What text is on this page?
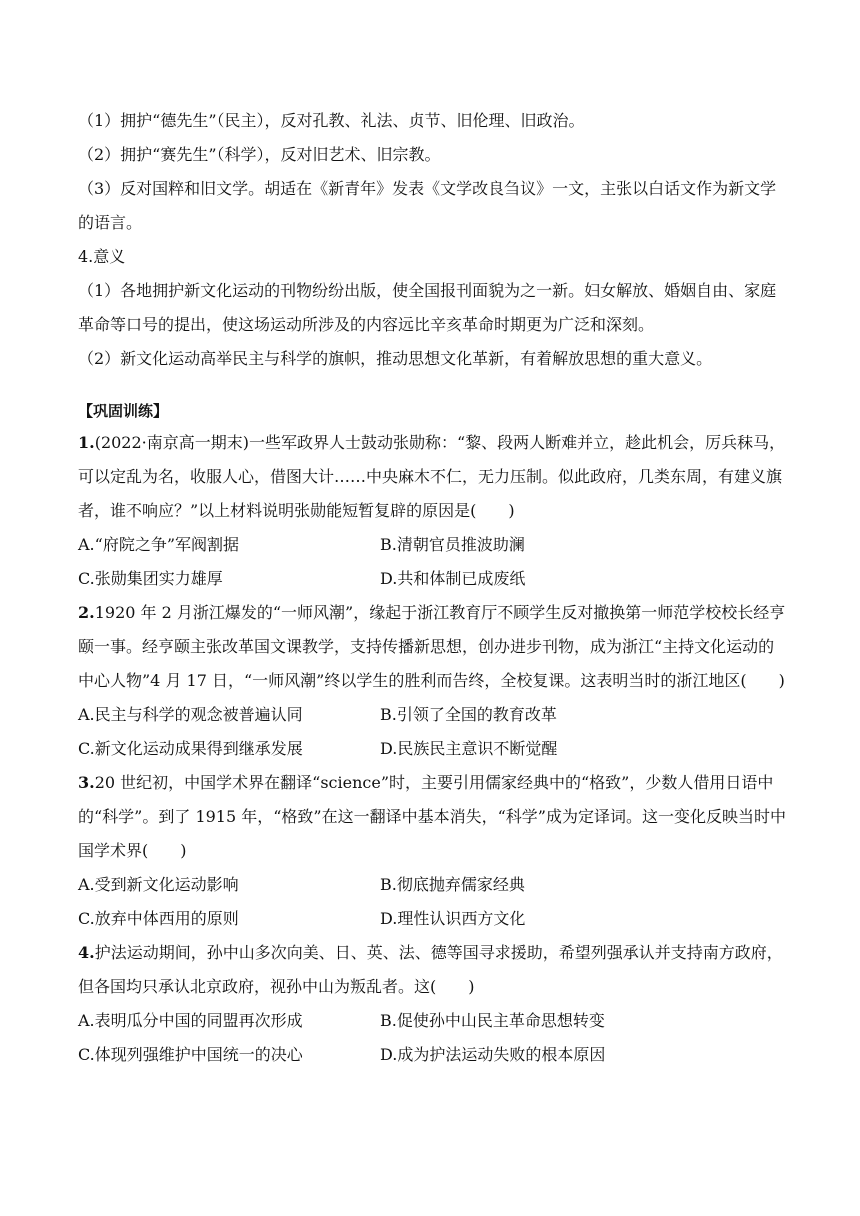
（1）拥护“德先生”（民主），反对孔教、礼法、贞节、旧伦理、旧政治。

（2）拥护“赛先生”（科学），反对旧艺术、旧宗教。

（3）反对国粹和旧文学。胡适在《新青年》发表《文学改良刍议》一文，主张以白话文作为新文学的语言。

4.意义

（1）各地拥护新文化运动的刊物纷纷出版，使全国报刊面貌为之一新。妇女解放、婚姻自由、家庭革命等口号的提出，使这场运动所涉及的内容远比辛亥革命时期更为广泛和深刻。

（2）新文化运动高举民主与科学的旗帜，推动思想文化革新，有着解放思想的重大意义。

【巩固训练】

1.(2022·南京高一期末)一些军政界人士鼓动张勋称：“黎、段两人断难并立，趁此机会，厉兵秣马，可以定乱为名，收服人心，借图大计……中央麻木不仁，无力压制。似此政府，几类东周，有建义旗者，谁不响应？”以上材料说明张勋能短暂复辟的原因是(　　)

A.“府院之争”军阀割据	B.清朝官员推波助澜

C.张勋集团实力雄厚	D.共和体制已成废纸

2.1920 年 2 月浙江爆发的“一师风潮”，缘起于浙江教育厅不顾学生反对撤换第一师范学校校长经亨颐一事。经亨颐主张改革国文课教学，支持传播新思想，创办进步刊物，成为浙江“主持文化运动的中心人物”4 月 17 日，“一师风潮”终以学生的胜利而告终，全校复课。这表明当时的浙江地区(　　)

A.民主与科学的观念被普遍认同	B.引领了全国的教育改革

C.新文化运动成果得到继承发展	D.民族民主意识不断觉醒

3.20 世纪初，中国学术界在翻译“science”时，主要引用儒家经典中的“格致”，少数人借用日语中的“科学”。到了 1915 年，“格致”在这一翻译中基本消失，“科学”成为定译词。这一变化反映当时中国学术界(　　)

A.受到新文化运动影响	B.彻底抛弃儒家经典

C.放弃中体西用的原则	D.理性认识西方文化

4.护法运动期间，孙中山多次向美、日、英、法、德等国寻求援助，希望列强承认并支持南方政府，但各国均只承认北京政府，视孙中山为叛乱者。这(　　)

A.表明瓜分中国的同盟再次形成	B.促使孙中山民主革命思想转变

C.体现列强维护中国统一的决心	D.成为护法运动失败的根本原因
